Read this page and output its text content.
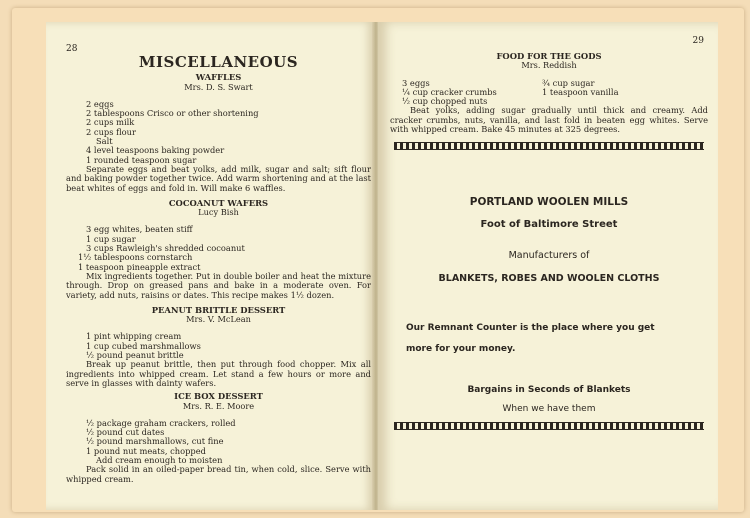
28
MISCELLANEOUS
WAFFLES
Mrs. D. S. Swart
2 eggs
2 tablespoons Crisco or other shortening
2 cups milk
2 cups flour
Salt
4 level teaspoons baking powder
1 rounded teaspoon sugar
Separate eggs and beat yolks, add milk, sugar and salt; sift flour and baking powder together twice. Add warm shortening and at the last beat whites of eggs and fold in. Will make 6 waffles.
COCOANUT WAFERS
Lucy Bish
3 egg whites, beaten stiff
1 cup sugar
3 cups Rawleigh's shredded cocoanut
1½ tablespoons cornstarch
1 teaspoon pineapple extract
Mix ingredients together. Put in double boiler and heat the mixture through. Drop on greased pans and bake in a moderate oven. For variety, add nuts, raisins or dates. This recipe makes 1½ dozen.
PEANUT BRITTLE DESSERT
Mrs. V. McLean
1 pint whipping cream
1 cup cubed marshmallows
½ pound peanut brittle
Break up peanut brittle, then put through food chopper. Mix all ingredients into whipped cream. Let stand a few hours or more and serve in glasses with dainty wafers.
ICE BOX DESSERT
Mrs. R. E. Moore
½ package graham crackers, rolled
½ pound cut dates
½ pound marshmallows, cut fine
1 pound nut meats, chopped
Add cream enough to moisten
Pack solid in an oiled-paper bread tin, when cold, slice. Serve with whipped cream.
29
FOOD FOR THE GODS
Mrs. Reddish
3 eggs
¼ cup cracker crumbs
½ cup chopped nuts
¾ cup sugar
1 teaspoon vanilla
Beat yolks, adding sugar gradually until thick and creamy. Add cracker crumbs, nuts, vanilla, and last fold in beaten egg whites. Serve with whipped cream. Bake 45 minutes at 325 degrees.
PORTLAND WOOLEN MILLS
Foot of Baltimore Street
Manufacturers of
BLANKETS, ROBES AND WOOLEN CLOTHS
Our Remnant Counter is the place where you get
more for your money.
Bargains in Seconds of Blankets
When we have them
